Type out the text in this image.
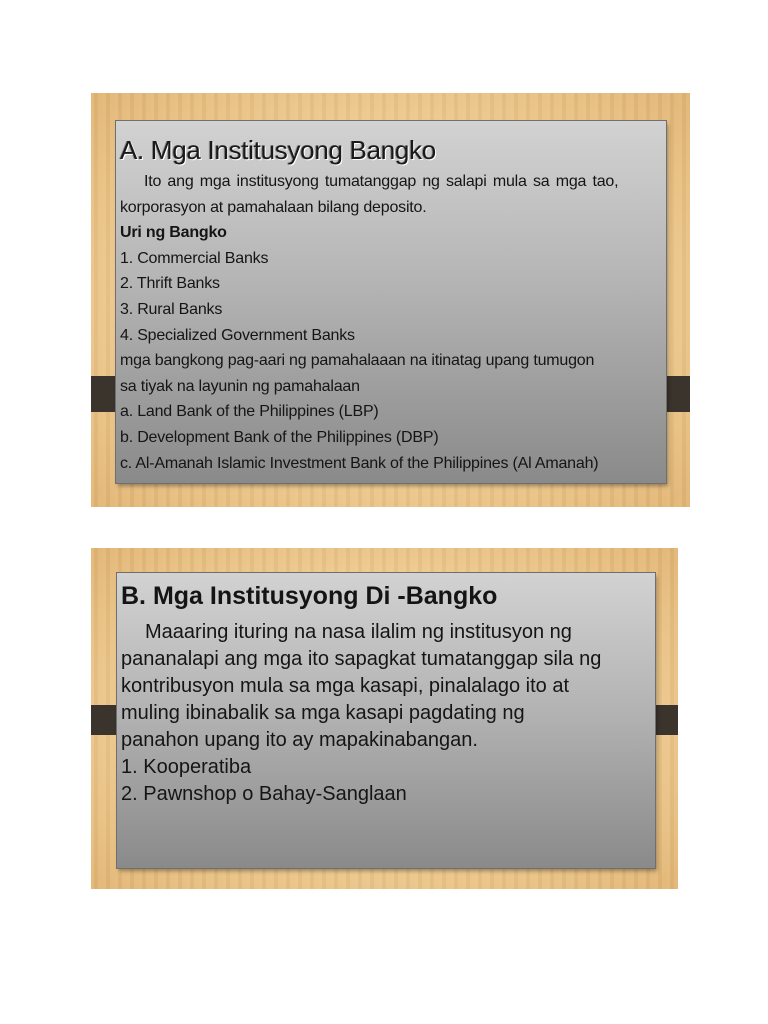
A. Mga Institusyong Bangko
Ito ang mga institusyong tumatanggap ng salapi mula sa mga tao,
korporasyon at pamahalaan bilang deposito.
Uri ng Bangko
1. Commercial Banks
2. Thrift Banks
3. Rural Banks
4. Specialized Government Banks
mga bangkong pag-aari ng pamahalaaan na itinatag upang tumugon
sa tiyak na layunin ng pamahalaan
a. Land Bank of the Philippines (LBP)
b. Development Bank of the Philippines (DBP)
c. Al-Amanah Islamic Investment Bank of the Philippines (Al Amanah)
B. Mga Institusyong Di -Bangko
Maaaring ituring na nasa ilalim ng institusyon ng
pananalapi ang mga ito sapagkat tumatanggap sila ng
kontribusyon mula sa mga kasapi, pinalalago ito at
muling ibinabalik sa mga kasapi pagdating ng
panahon upang ito ay mapakinabangan.
1. Kooperatiba
2. Pawnshop o Bahay-Sanglaan
